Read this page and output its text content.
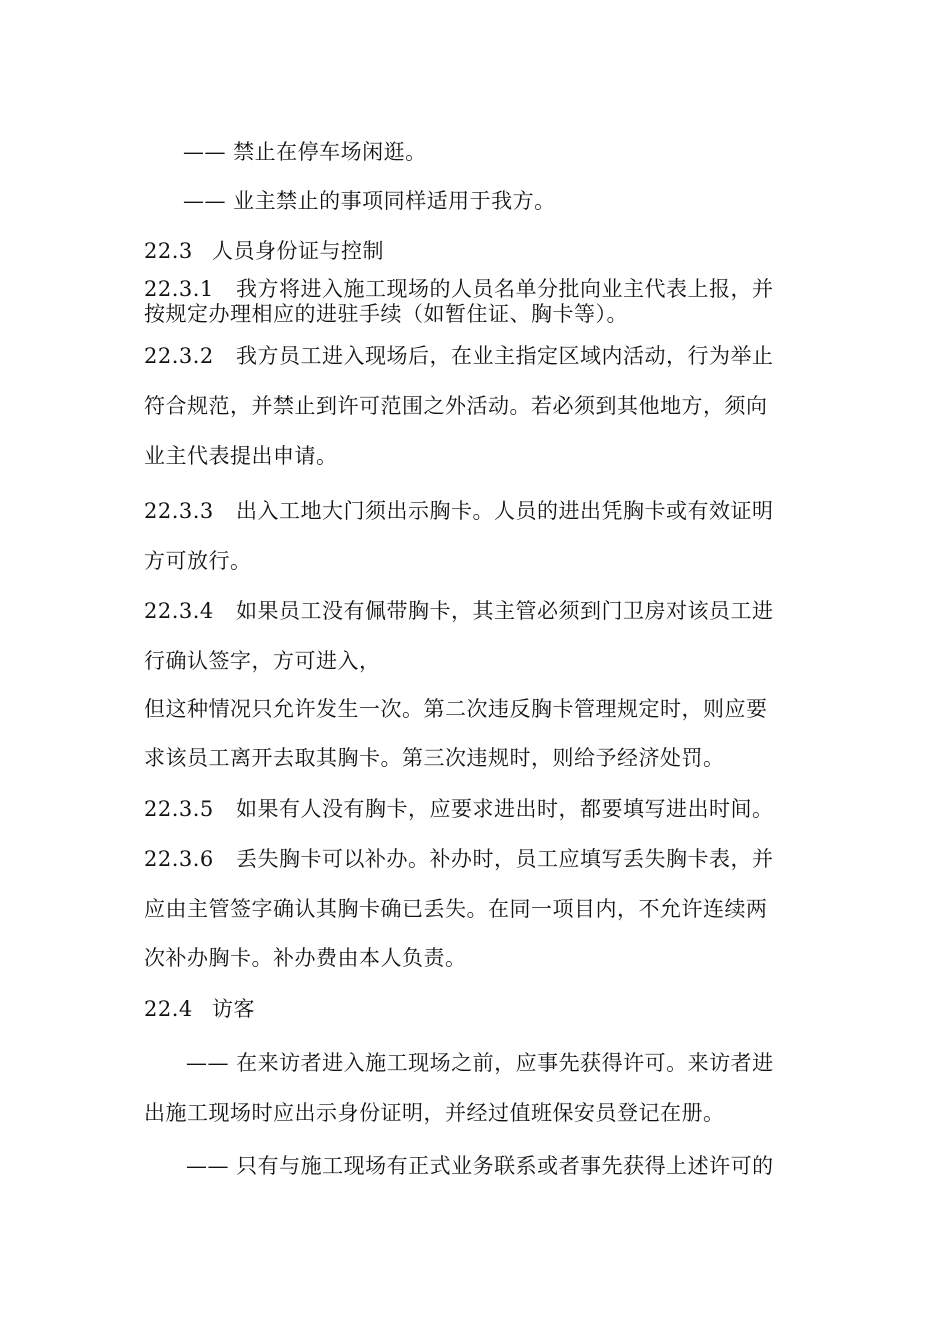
—— 禁止在停车场闲逛。
—— 业主禁止的事项同样适用于我方。
22.3 人员身份证与控制
22.3.1 我方将进入施工现场的人员名单分批向业主代表上报，并
按规定办理相应的进驻手续（如暂住证、胸卡等）。
22.3.2 我方员工进入现场后，在业主指定区域内活动，行为举止
符合规范，并禁止到许可范围之外活动。若必须到其他地方，须向
业主代表提出申请。
22.3.3 出入工地大门须出示胸卡。人员的进出凭胸卡或有效证明
方可放行。
22.3.4 如果员工没有佩带胸卡，其主管必须到门卫房对该员工进
行确认签字，方可进入，
但这种情况只允许发生一次。第二次违反胸卡管理规定时，则应要
求该员工离开去取其胸卡。第三次违规时，则给予经济处罚。
22.3.5 如果有人没有胸卡，应要求进出时，都要填写进出时间。
22.3.6 丢失胸卡可以补办。补办时，员工应填写丢失胸卡表，并
应由主管签字确认其胸卡确已丢失。在同一项目内，不允许连续两
次补办胸卡。补办费由本人负责。
22.4 访客
—— 在来访者进入施工现场之前，应事先获得许可。来访者进
出施工现场时应出示身份证明，并经过值班保安员登记在册。
—— 只有与施工现场有正式业务联系或者事先获得上述许可的
